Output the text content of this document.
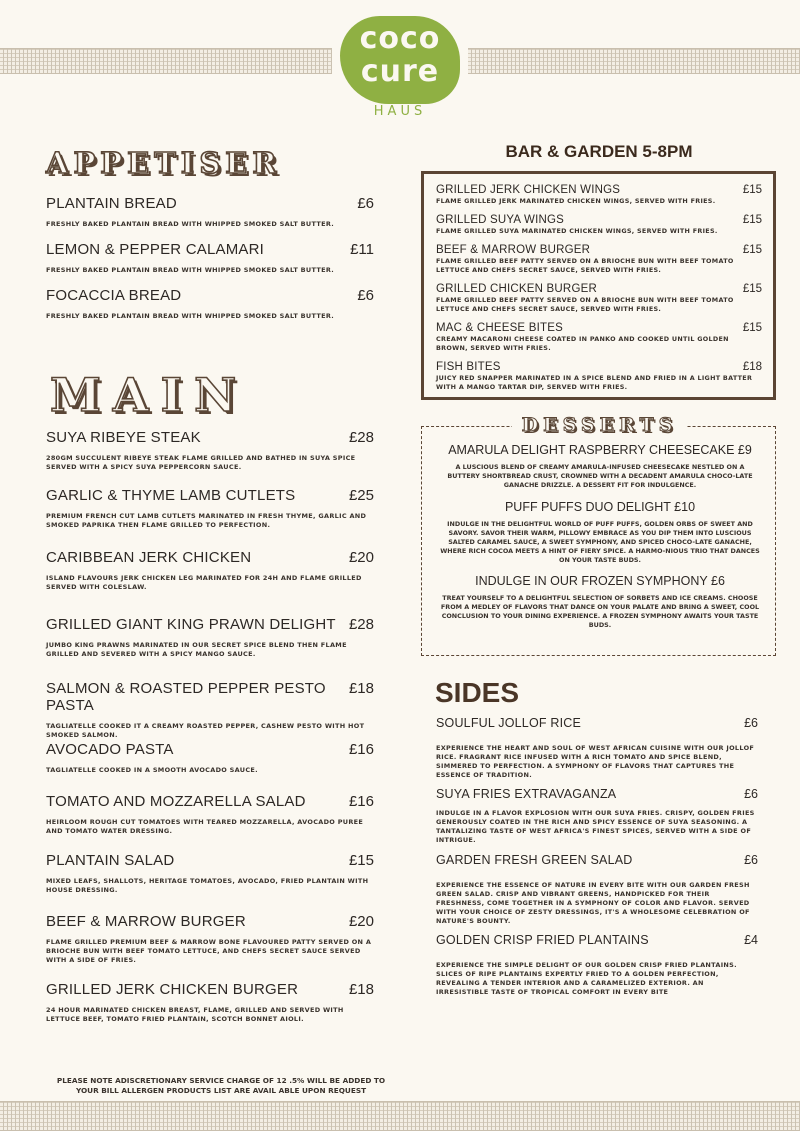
coco cure
HAUS
APPETISER
PLANTAIN BREAD	£6
FRESHLY BAKED PLANTAIN BREAD WITH WHIPPED SMOKED SALT BUTTER.
LEMON & PEPPER CALAMARI	£11
FRESHLY BAKED PLANTAIN BREAD WITH WHIPPED SMOKED SALT BUTTER.
FOCACCIA BREAD	£6
FRESHLY BAKED PLANTAIN BREAD WITH WHIPPED SMOKED SALT BUTTER.
MAIN
SUYA RIBEYE STEAK	£28
280GM SUCCULENT RIBEYE STEAK FLAME GRILLED AND BATHED IN SUYA SPICE SERVED WITH A SPICY SUYA PEPPERCORN SAUCE.
GARLIC & THYME LAMB CUTLETS	£25
PREMIUM FRENCH CUT LAMB CUTLETS MARINATED IN FRESH THYME, GARLIC AND SMOKED PAPRIKA THEN FLAME GRILLED TO PERFECTION.
CARIBBEAN JERK CHICKEN	£20
ISLAND FLAVOURS JERK CHICKEN LEG MARINATED FOR 24H AND FLAME GRILLED SERVED WITH COLESLAW.
GRILLED GIANT KING PRAWN DELIGHT £28
JUMBO KING PRAWNS MARINATED IN OUR SECRET SPICE BLEND THEN FLAME GRILLED AND SEVERED WITH A SPICY MANGO SAUCE.
SALMON & ROASTED PEPPER PESTO PASTA
£18
TAGLIATELLE COOKED IT A CREAMY ROASTED PEPPER, CASHEW PESTO WITH HOT SMOKED SALMON.
AVOCADO PASTA	£16
TAGLIATELLE COOKED IN A SMOOTH AVOCADO SAUCE.
TOMATO AND MOZZARELLA SALAD	£16
HEIRLOOM ROUGH CUT TOMATOES WITH TEARED MOZZARELLA, AVOCADO PUREE AND TOMATO WATER DRESSING.
PLANTAIN SALAD	£15
MIXED LEAFS, SHALLOTS, HERITAGE TOMATOES, AVOCADO, FRIED PLANTAIN WITH HOUSE DRESSING.
BEEF & MARROW BURGER	£20
FLAME GRILLED PREMIUM BEEF & MARROW BONE FLAVOURED PATTY SERVED ON A BRIOCHE BUN WITH BEEF TOMATO LETTUCE, AND CHEFS SECRET SAUCE SERVED WITH A SIDE OF FRIES.
GRILLED JERK CHICKEN BURGER	£18
24 HOUR MARINATED CHICKEN BREAST, FLAME, GRILLED AND SERVED WITH LETTUCE BEEF, TOMATO FRIED PLANTAIN, SCOTCH BONNET AIOLI.
BAR & GARDEN 5-8PM
GRILLED JERK CHICKEN WINGS	£15
FLAME GRILLED JERK MARINATED CHICKEN WINGS, SERVED WITH FRIES.
GRILLED SUYA WINGS	£15
FLAME GRILLED SUYA MARINATED CHICKEN WINGS, SERVED WITH FRIES.
BEEF & MARROW BURGER	£15
FLAME GRILLED BEEF PATTY SERVED ON A BRIOCHE BUN WITH BEEF TOMATO LETTUCE AND CHEFS SECRET SAUCE, SERVED WITH FRIES.
GRILLED CHICKEN BURGER	£15
FLAME GRILLED BEEF PATTY SERVED ON A BRIOCHE BUN WITH BEEF TOMATO LETTUCE AND CHEFS SECRET SAUCE, SERVED WITH FRIES.
MAC & CHEESE BITES	£15
CREAMY MACARONI CHEESE COATED IN PANKO AND COOKED UNTIL GOLDEN BROWN, SERVED WITH FRIES.
FISH BITES	£18
JUICY RED SNAPPER MARINATED IN A SPICE BLEND AND FRIED IN A LIGHT BATTER WITH A MANGO TARTAR DIP, SERVED WITH FRIES.
DESSERTS
AMARULA DELIGHT RASPBERRY CHEESECAKE £9
A LUSCIOUS BLEND OF CREAMY AMARULA-INFUSED CHEESECAKE NESTLED ON A BUTTERY SHORTBREAD CRUST, CROWNED WITH A DECADENT AMARULA CHOCO-LATE GANACHE DRIZZLE. A DESSERT FIT FOR INDULGENCE.
PUFF PUFFS DUO DELIGHT £10
INDULGE IN THE DELIGHTFUL WORLD OF PUFF PUFFS, GOLDEN ORBS OF SWEET AND SAVORY. SAVOR THEIR WARM, PILLOWY EMBRACE AS YOU DIP THEM INTO LUSCIOUS SALTED CARAMEL SAUCE, A SWEET SYMPHONY, AND SPICED CHOCO-LATE GANACHE, WHERE RICH COCOA MEETS A HINT OF FIERY SPICE. A HARMO-NIOUS TRIO THAT DANCES ON YOUR TASTE BUDS.
INDULGE IN OUR FROZEN SYMPHONY £6
TREAT YOURSELF TO A DELIGHTFUL SELECTION OF SORBETS AND ICE CREAMS. CHOOSE FROM A MEDLEY OF FLAVORS THAT DANCE ON YOUR PALATE AND BRING A SWEET, COOL CONCLUSION TO YOUR DINING EXPERIENCE. A FROZEN SYMPHONY AWAITS YOUR TASTE BUDS.
SIDES
SOULFUL JOLLOF RICE	£6
EXPERIENCE THE HEART AND SOUL OF WEST AFRICAN CUISINE WITH OUR JOLLOF RICE. FRAGRANT RICE INFUSED WITH A RICH TOMATO AND SPICE BLEND, SIMMERED TO PERFECTION. A SYMPHONY OF FLAVORS THAT CAPTURES THE ESSENCE OF TRADITION.
SUYA FRIES EXTRAVAGANZA	£6
INDULGE IN A FLAVOR EXPLOSION WITH OUR SUYA FRIES. CRISPY, GOLDEN FRIES GENEROUSLY COATED IN THE RICH AND SPICY ESSENCE OF SUYA SEASONING. A TANTALIZING TASTE OF WEST AFRICA'S FINEST SPICES, SERVED WITH A SIDE OF INTRIGUE.
GARDEN FRESH GREEN SALAD	£6
EXPERIENCE THE ESSENCE OF NATURE IN EVERY BITE WITH OUR GARDEN FRESH GREEN SALAD. CRISP AND VIBRANT GREENS, HANDPICKED FOR THEIR FRESHNESS, COME TOGETHER IN A SYMPHONY OF COLOR AND FLAVOR. SERVED WITH YOUR CHOICE OF ZESTY DRESSINGS, IT'S A WHOLESOME CELEBRATION OF NATURE'S BOUNTY.
GOLDEN CRISP FRIED PLANTAINS	£4
EXPERIENCE THE SIMPLE DELIGHT OF OUR GOLDEN CRISP FRIED PLANTAINS. SLICES OF RIPE PLANTAINS EXPERTLY FRIED TO A GOLDEN PERFECTION, REVEALING A TENDER INTERIOR AND A CARAMELIZED EXTERIOR. AN IRRESISTIBLE TASTE OF TROPICAL COMFORT IN EVERY BITE
PLEASE NOTE ADISCRETIONARY SERVICE CHARGE OF 12 .5% WILL BE ADDED TO YOUR BILL ALLERGEN PRODUCTS LIST ARE AVAIL ABLE UPON REQUEST
